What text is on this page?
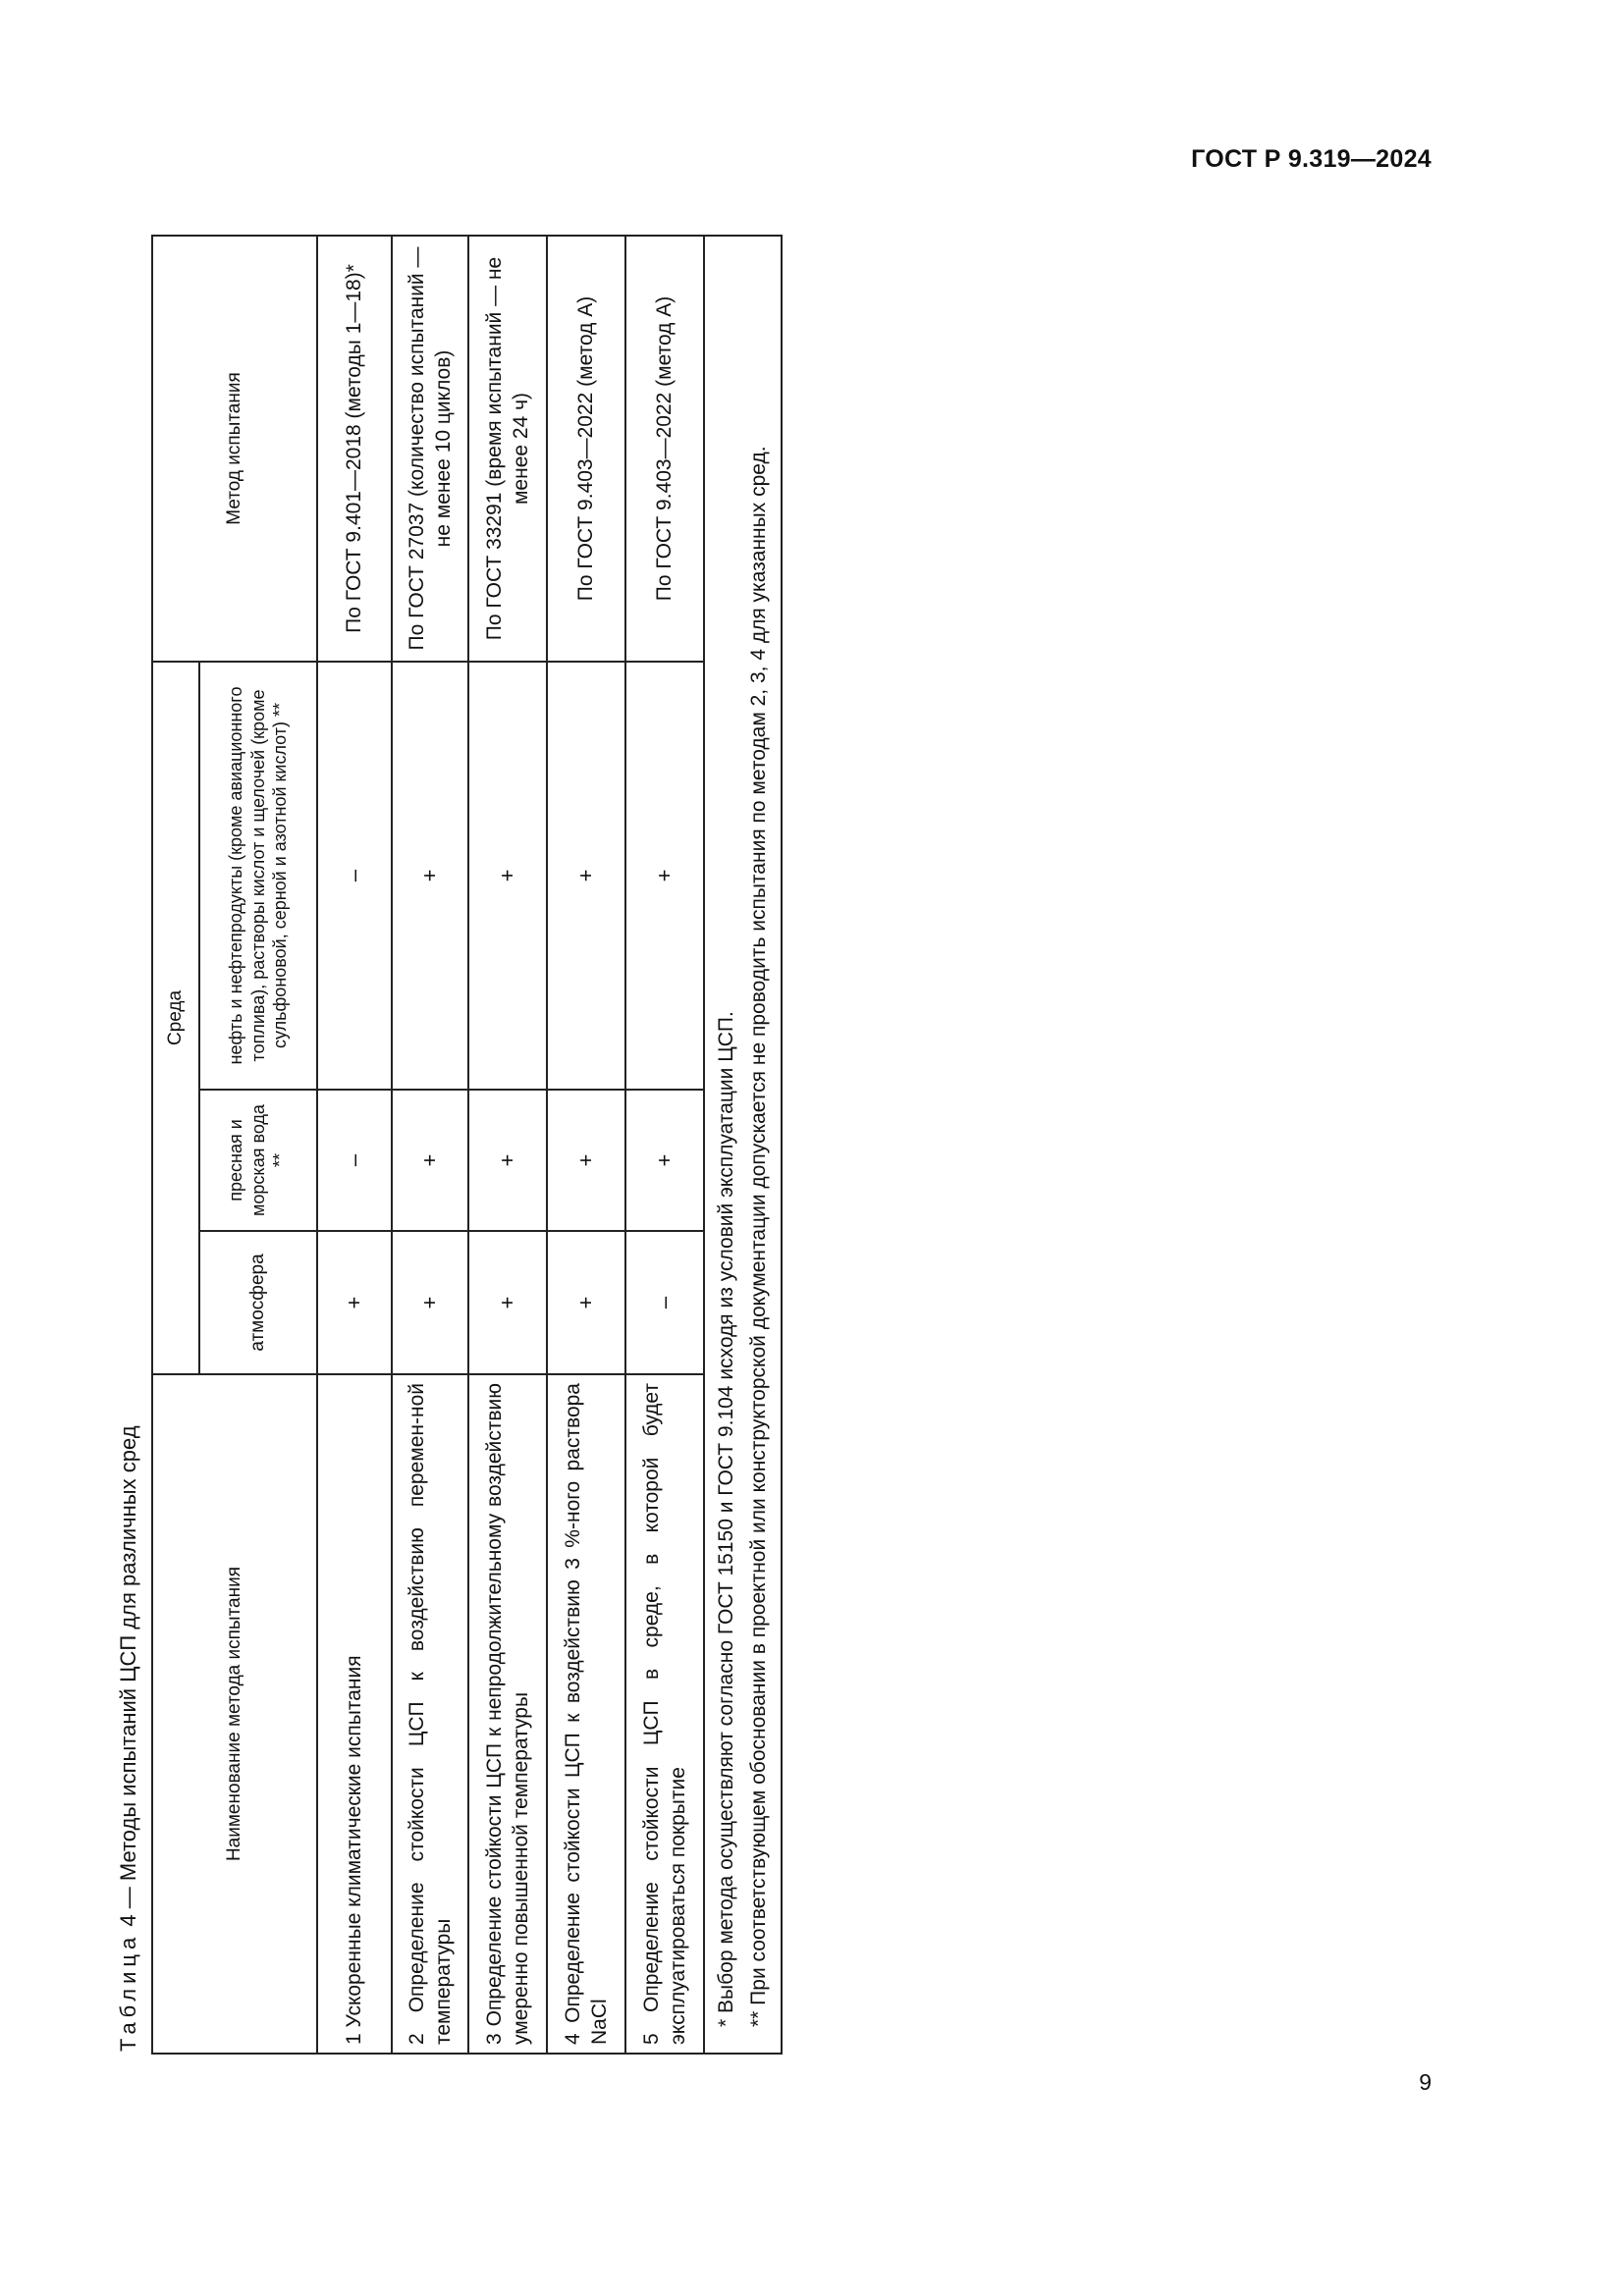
ГОСТ Р 9.319—2024
Таблица 4 — Методы испытаний ЦСП для различных сред	Наименование метода испытания	Среда			Метод испытания
	атмосфера	пресная и морская вода **	нефть и нефтепродукты (кроме авиационного топлива), растворы кислот и щелочей (кроме сульфоновой, серной и азотной кислот) **	
1 Ускоренные климатические испытания	+	–	–	По ГОСТ 9.401—2018 (методы 1—18)*
2 Определение стойкости ЦСП к воздействию перемен-ной температуры	+	+	+	По ГОСТ 27037 (количество испытаний — не менее 10 циклов)
3 Определение стойкости ЦСП к непродолжительному воздействию умеренно повышенной температуры	+	+	+	По ГОСТ 33291 (время испытаний — не менее 24 ч)
4 Определение стойкости ЦСП к воздействию 3 %-ного раствора NaCl	+	+	+	По ГОСТ 9.403—2022 (метод А)
5 Определение стойкости ЦСП в среде, в которой будет эксплуатироваться покрытие	–	+	+	По ГОСТ 9.403—2022 (метод А)

* Выбор метода осуществляют согласно ГОСТ 15150 и ГОСТ 9.104 исходя из условий эксплуатации ЦСП. ** При соответствующем обосновании в проектной или конструкторской документации допускается не проводить испытания по методам 2, 3, 4 для указанных сред.				
9
